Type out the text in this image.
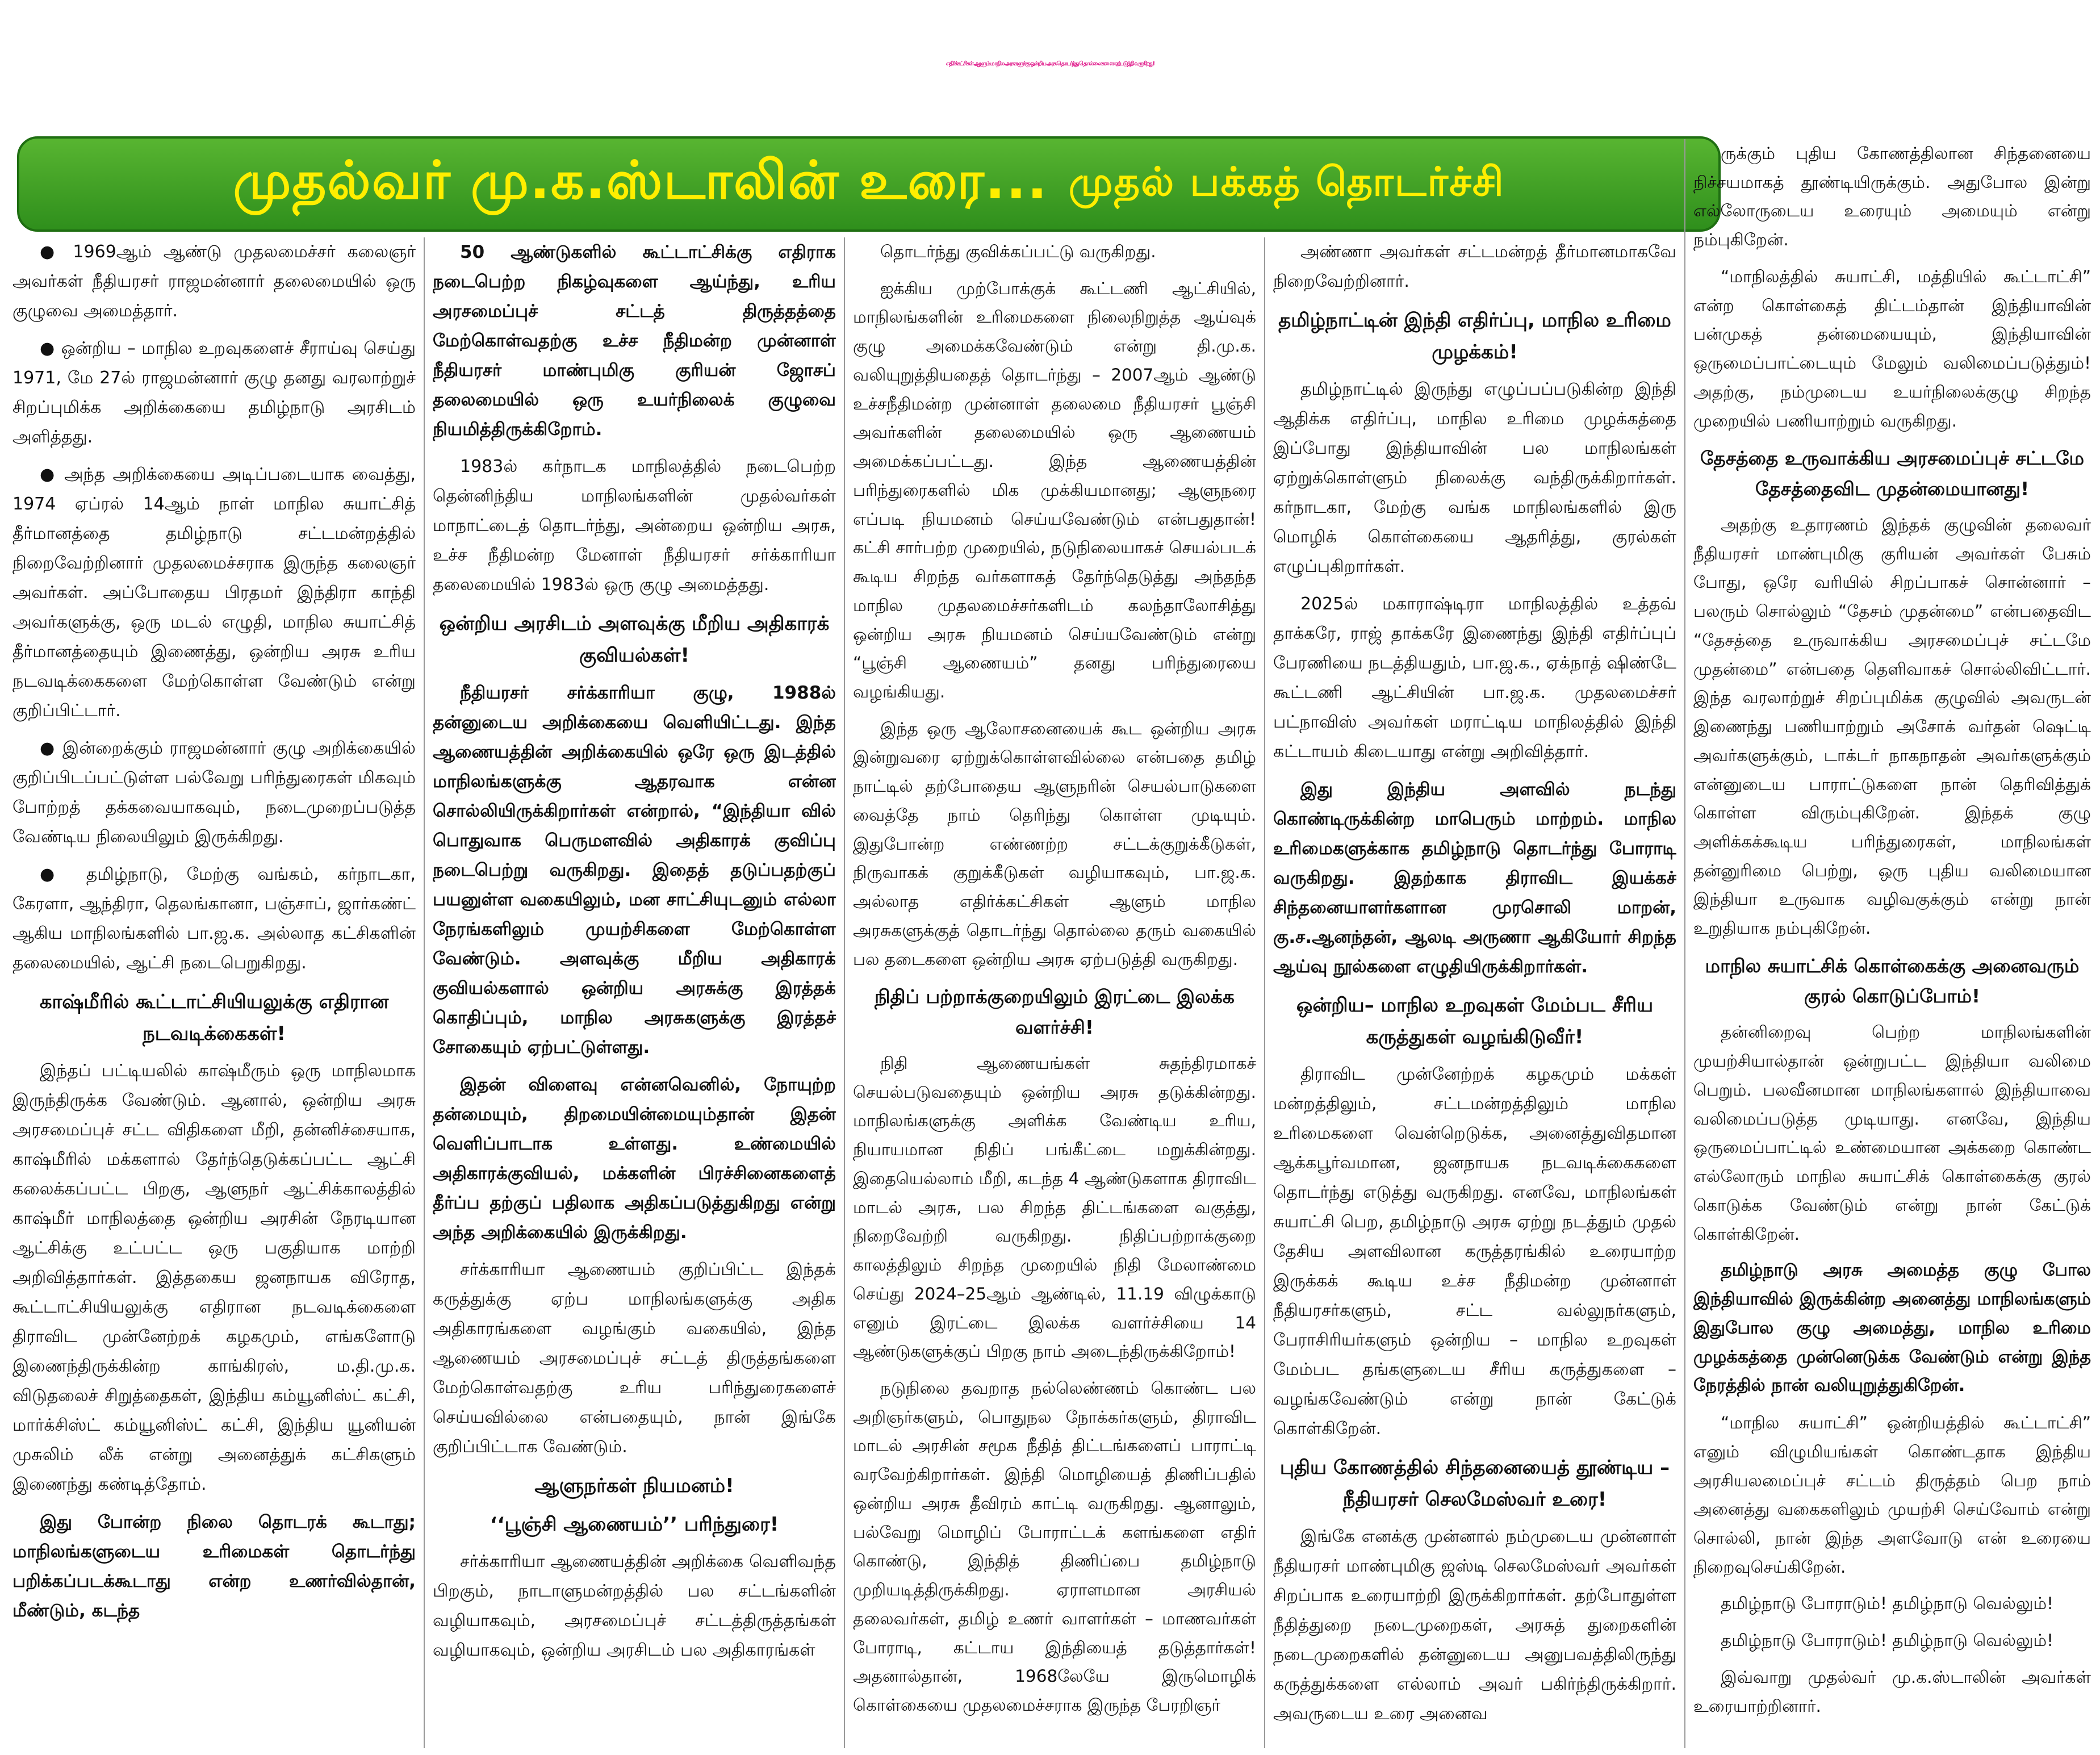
எதிர்க்கட்சிகள் ஆளும் மாநில அரசுகளுக்கு ஒன்றிய அரசு தொடர்ந்து தொல்லைகளை ஏற்படுத்தி வருகிறது!
முதல்வர் மு.க.ஸ்டாலின் உரை... முதல் பக்கத் தொடர்ச்சி

● 1969ஆம் ஆண்டு முதலமைச்சர் கலைஞர் அவர்கள் நீதியரசர் ராஜமன்னார் தலைமையில் ஒரு குழுவை அமைத்தார்.

● ஒன்றிய – மாநில உறவுகளைச் சீராய்வு செய்து 1971, மே 27ல் ராஜமன்னார் குழு தனது வரலாற்றுச் சிறப்புமிக்க அறிக்கையை தமிழ்நாடு அரசிடம் அளித்தது.

● அந்த அறிக்கையை அடிப்படையாக வைத்து, 1974 ஏப்ரல் 14ஆம் நாள் மாநில சுயாட்சித் தீர்மானத்தை தமிழ்நாடு சட்டமன்றத்தில் நிறைவேற்றினார் முதலமைச்சராக இருந்த கலைஞர் அவர்கள். அப்போதைய பிரதமர் இந்திரா காந்தி அவர்களுக்கு, ஒரு மடல் எழுதி, மாநில சுயாட்சித் தீர்மானத்தையும் இணைத்து, ஒன்றிய அரசு உரிய நடவடிக்கைகளை மேற்கொள்ள வேண்டும் என்று குறிப்பிட்டார்.

● இன்றைக்கும் ராஜமன்னார் குழு அறிக்கையில் குறிப்பிடப்பட்டுள்ள பல்வேறு பரிந்துரைகள் மிகவும் போற்றத் தக்கவையாகவும், நடைமுறைப்படுத்த வேண்டிய நிலையிலும் இருக்கிறது.

● தமிழ்நாடு, மேற்கு வங்கம், கர்நாடகா, கேரளா, ஆந்திரா, தெலங்கானா, பஞ்சாப், ஜார்கண்ட் ஆகிய மாநிலங்களில் பா.ஜ.க. அல்லாத கட்சிகளின் தலைமையில், ஆட்சி நடைபெறுகிறது.

காஷ்மீரில் கூட்டாட்சியியலுக்கு எதிரான நடவடிக்கைகள்!

இந்தப் பட்டியலில் காஷ்மீரும் ஒரு மாநிலமாக இருந்திருக்க வேண்டும். ஆனால், ஒன்றிய அரசு அரசமைப்புச் சட்ட விதிகளை மீறி, தன்னிச்சையாக, காஷ்மீரில் மக்களால் தேர்ந்தெடுக்கப்பட்ட ஆட்சி கலைக்கப்பட்ட பிறகு, ஆளுநர் ஆட்சிக்காலத்தில் காஷ்மீர் மாநிலத்தை ஒன்றிய அரசின் நேரடியான ஆட்சிக்கு உட்பட்ட ஒரு பகுதியாக மாற்றி அறிவித்தார்கள். இத்தகைய ஜனநாயக விரோத, கூட்டாட்சியியலுக்கு எதிரான நடவடிக்கைளை திராவிட முன்னேற்றக் கழகமும், எங்களோடு இணைந்திருக்கின்ற காங்கிரஸ், ம.தி.மு.க. விடுதலைச் சிறுத்தைகள், இந்திய கம்யூனிஸ்ட் கட்சி, மார்க்சிஸ்ட் கம்யூனிஸ்ட் கட்சி, இந்திய யூனியன் முசுலிம் லீக் என்று அனைத்துக் கட்சிகளும் இணைந்து கண்டித்தோம்.

இது போன்ற நிலை தொடரக் கூடாது; மாநிலங்களுடைய உரிமைகள் தொடர்ந்து பறிக்கப்படக்கூடாது என்ற உணர்வில்தான், மீண்டும், கடந்த

50 ஆண்டுகளில் கூட்டாட்சிக்கு எதிராக நடைபெற்ற நிகழ்வுகளை ஆய்ந்து, உரிய அரசமைப்புச் சட்டத் திருத்தத்தை மேற்கொள்வதற்கு உச்ச நீதிமன்ற முன்னாள் நீதியரசர் மாண்புமிகு குரியன் ஜோசப் தலைமையில் ஒரு உயர்நிலைக் குழுவை நியமித்திருக்கிறோம்.

1983ல் கர்நாடக மாநிலத்தில் நடைபெற்ற தென்னிந்திய மாநிலங்களின் முதல்வர்கள் மாநாட்டைத் தொடர்ந்து, அன்றைய ஒன்றிய அரசு, உச்ச நீதிமன்ற மேனாள் நீதியரசர் சர்க்காரியா தலைமையில் 1983ல் ஒரு குழு அமைத்தது.

ஒன்றிய அரசிடம் அளவுக்கு மீறிய அதிகாரக் குவியல்கள்!

நீதியரசர் சர்க்காரியா குழு, 1988ல் தன்னுடைய அறிக்கையை வெளியிட்டது. இந்த ஆணையத்தின் அறிக்கையில் ஒரே ஒரு இடத்தில் மாநிலங்களுக்கு ஆதரவாக என்ன சொல்லியிருக்கிறார்கள் என்றால், “இந்தியா வில் பொதுவாக பெருமளவில் அதிகாரக் குவிப்பு நடைபெற்று வருகிறது. இதைத் தடுப்பதற்குப் பயனுள்ள வகையிலும், மன சாட்சியுடனும் எல்லா நேரங்களிலும் முயற்சிகளை மேற்கொள்ள வேண்டும். அளவுக்கு மீறிய அதிகாரக் குவியல்களால் ஒன்றிய அரசுக்கு இரத்தக் கொதிப்பும், மாநில அரசுகளுக்கு இரத்தச் சோகையும் ஏற்பட்டுள்ளது.

இதன் விளைவு என்னவெனில், நோயுற்ற தன்மையும், திறமையின்மையும்தான் இதன் வெளிப்பாடாக உள்ளது. உண்மையில் அதிகாரக்குவியல், மக்களின் பிரச்சினைகளைத் தீர்ப்ப தற்குப் பதிலாக அதிகப்படுத்துகிறது என்று அந்த அறிக்கையில் இருக்கிறது.

சர்க்காரியா ஆணையம் குறிப்பிட்ட இந்தக் கருத்துக்கு ஏற்ப மாநிலங்களுக்கு அதிக அதிகாரங்களை வழங்கும் வகையில், இந்த ஆணையம் அரசமைப்புச் சட்டத் திருத்தங்களை மேற்கொள்வதற்கு உரிய பரிந்துரைகளைச் செய்யவில்லை என்பதையும், நான் இங்கே குறிப்பிட்டாக வேண்டும்.

ஆளுநர்கள் நியமனம்!
‘‘பூஞ்சி ஆணையம்’’ பரிந்துரை!

சர்க்காரியா ஆணையத்தின் அறிக்கை வெளிவந்த பிறகும், நாடாளுமன்றத்தில் பல சட்டங்களின் வழியாகவும், அரசமைப்புச் சட்டத்திருத்தங்கள் வழியாகவும், ஒன்றிய அரசிடம் பல அதிகாரங்கள்

தொடர்ந்து குவிக்கப்பட்டு வருகிறது.

ஐக்கிய முற்போக்குக் கூட்டணி ஆட்சியில், மாநிலங்களின் உரிமைகளை நிலைநிறுத்த ஆய்வுக் குழு அமைக்கவேண்டும் என்று தி.மு.க. வலியுறுத்தியதைத் தொடர்ந்து – 2007ஆம் ஆண்டு உச்சநீதிமன்ற முன்னாள் தலைமை நீதியரசர் பூஞ்சி அவர்களின் தலைமையில் ஒரு ஆணையம் அமைக்கப்பட்டது. இந்த ஆணையத்தின் பரிந்துரைகளில் மிக முக்கியமானது; ஆளுநரை எப்படி நியமனம் செய்யவேண்டும் என்பதுதான்! கட்சி சார்பற்ற முறையில், நடுநிலையாகச் செயல்படக் கூடிய சிறந்த வர்களாகத் தேர்ந்தெடுத்து அந்தந்த மாநில முதலமைச்சர்களிடம் கலந்தாலோசித்து ஒன்றிய அரசு நியமனம் செய்யவேண்டும் என்று “பூஞ்சி ஆணையம்” தனது பரிந்துரையை வழங்கியது.

இந்த ஒரு ஆலோசனையைக் கூட ஒன்றிய அரசு இன்றுவரை ஏற்றுக்கொள்ளவில்லை என்பதை தமிழ் நாட்டில் தற்போதைய ஆளுநரின் செயல்பாடுகளை வைத்தே நாம் தெரிந்து கொள்ள முடியும். இதுபோன்ற எண்ணற்ற சட்டக்குறுக்கீடுகள், நிருவாகக் குறுக்கீடுகள் வழியாகவும், பா.ஜ.க. அல்லாத எதிர்க்கட்சிகள் ஆளும் மாநில அரசுகளுக்குத் தொடர்ந்து தொல்லை தரும் வகையில் பல தடைகளை ஒன்றிய அரசு ஏற்படுத்தி வருகிறது.

நிதிப் பற்றாக்குறையிலும் இரட்டை இலக்க வளர்ச்சி!

நிதி ஆணையங்கள் சுதந்திரமாகச் செயல்படுவதையும் ஒன்றிய அரசு தடுக்கின்றது. மாநிலங்களுக்கு அளிக்க வேண்டிய உரிய, நியாயமான நிதிப் பங்கீட்டை மறுக்கின்றது. இதையெல்லாம் மீறி, கடந்த 4 ஆண்டுகளாக திராவிட மாடல் அரசு, பல சிறந்த திட்டங்களை வகுத்து, நிறைவேற்றி வருகிறது. நிதிப்பற்றாக்குறை காலத்திலும் சிறந்த முறையில் நிதி மேலாண்மை செய்து 2024–25ஆம் ஆண்டில், 11.19 விழுக்காடு எனும் இரட்டை இலக்க வளர்ச்சியை 14 ஆண்டுகளுக்குப் பிறகு நாம் அடைந்திருக்கிறோம்!

நடுநிலை தவறாத நல்லெண்ணம் கொண்ட பல அறிஞர்களும், பொதுநல நோக்கர்களும், திராவிட மாடல் அரசின் சமூக நீதித் திட்டங்களைப் பாராட்டி வரவேற்கிறார்கள். இந்தி மொழியைத் திணிப்பதில் ஒன்றிய அரசு தீவிரம் காட்டி வருகிறது. ஆனாலும், பல்வேறு மொழிப் போராட்டக் களங்களை எதிர் கொண்டு, இந்தித் திணிப்பை தமிழ்நாடு முறியடித்திருக்கிறது. ஏராளமான அரசியல் தலைவர்கள், தமிழ் உணர் வாளர்கள் – மாணவர்கள் போராடி, கட்டாய இந்தியைத் தடுத்தார்கள்! அதனால்தான், 1968லேயே இருமொழிக் கொள்கையை முதலமைச்சராக இருந்த பேரறிஞர்

அண்ணா அவர்கள் சட்டமன்றத் தீர்மானமாகவே நிறைவேற்றினார்.

தமிழ்நாட்டின் இந்தி எதிர்ப்பு, மாநில உரிமை முழக்கம்!

தமிழ்நாட்டில் இருந்து எழுப்பப்படுகின்ற இந்தி ஆதிக்க எதிர்ப்பு, மாநில உரிமை முழக்கத்தை இப்போது இந்தியாவின் பல மாநிலங்கள் ஏற்றுக்கொள்ளும் நிலைக்கு வந்திருக்கிறார்கள். கர்நாடகா, மேற்கு வங்க மாநிலங்களில் இரு மொழிக் கொள்கையை ஆதரித்து, குரல்கள் எழுப்புகிறார்கள்.

2025ல் மகாராஷ்டிரா மாநிலத்தில் உத்தவ் தாக்கரே, ராஜ் தாக்கரே இணைந்து இந்தி எதிர்ப்புப் பேரணியை நடத்தியதும், பா.ஜ.க., ஏக்நாத் ஷிண்டே கூட்டணி ஆட்சியின் பா.ஜ.க. முதலமைச்சர் பட்நாவிஸ் அவர்கள் மராட்டிய மாநிலத்தில் இந்தி கட்டாயம் கிடையாது என்று அறிவித்தார்.

இது இந்திய அளவில் நடந்து கொண்டிருக்கின்ற மாபெரும் மாற்றம். மாநில உரிமைகளுக்காக தமிழ்நாடு தொடர்ந்து போராடி வருகிறது. இதற்காக திராவிட இயக்கச் சிந்தனையாளர்களான முரசொலி மாறன், கு.ச.ஆனந்தன், ஆலடி அருணா ஆகியோர் சிறந்த ஆய்வு நூல்களை எழுதியிருக்கிறார்கள்.

ஒன்றிய– மாநில உறவுகள் மேம்பட சீரிய கருத்துகள் வழங்கிடுவீர்!

திராவிட முன்னேற்றக் கழகமும் மக்கள் மன்றத்திலும், சட்டமன்றத்திலும் மாநில உரிமைகளை வென்றெடுக்க, அனைத்துவிதமான ஆக்கபூர்வமான, ஜனநாயக நடவடிக்கைகளை தொடர்ந்து எடுத்து வருகிறது. எனவே, மாநிலங்கள் சுயாட்சி பெற, தமிழ்நாடு அரசு ஏற்று நடத்தும் முதல் தேசிய அளவிலான கருத்தரங்கில் உரையாற்ற இருக்கக் கூடிய உச்ச நீதிமன்ற முன்னாள் நீதியரசர்களும், சட்ட வல்லுநர்களும், பேராசிரியர்களும் ஒன்றிய – மாநில உறவுகள் மேம்பட தங்களுடைய சீரிய கருத்துகளை – வழங்கவேண்டும் என்று நான் கேட்டுக் கொள்கிறேன்.

புதிய கோணத்தில் சிந்தனையைத் தூண்டிய – நீதியரசர் செலமேஸ்வர் உரை!

இங்கே எனக்கு முன்னால் நம்முடைய முன்னாள் நீதியரசர் மாண்புமிகு ஜஸ்டி செலமேஸ்வர் அவர்கள் சிறப்பாக உரையாற்றி இருக்கிறார்கள். தற்போதுள்ள நீதித்துறை நடைமுறைகள், அரசுத் துறைகளின் நடைமுறைகளில் தன்னுடைய அனுபவத்திலிருந்து கருத்துக்களை எல்லாம் அவர் பகிர்ந்திருக்கிறார். அவருடைய உரை அனைவ

ருக்கும் புதிய கோணத்திலான சிந்தனையை நிச்சயமாகத் தூண்டியிருக்கும். அதுபோல இன்று எல்லோருடைய உரையும் அமையும் என்று நம்புகிறேன்.

“மாநிலத்தில் சுயாட்சி, மத்தியில் கூட்டாட்சி” என்ற கொள்கைத் திட்டம்தான் இந்தியாவின் பன்முகத் தன்மையையும், இந்தியாவின் ஒருமைப்பாட்டையும் மேலும் வலிமைப்படுத்தும்! அதற்கு, நம்முடைய உயர்நிலைக்குழு சிறந்த முறையில் பணியாற்றும் வருகிறது.

தேசத்தை உருவாக்கிய அரசமைப்புச் சட்டமே தேசத்தைவிட முதன்மையானது!

அதற்கு உதாரணம் இந்தக் குழுவின் தலைவர் நீதியரசர் மாண்புமிகு குரியன் அவர்கள் பேசும் போது, ஒரே வரியில் சிறப்பாகச் சொன்னார் – பலரும் சொல்லும் “தேசம் முதன்மை” என்பதைவிட “தேசத்தை உருவாக்கிய அரசமைப்புச் சட்டமே முதன்மை” என்பதை தெளிவாகச் சொல்லிவிட்டார். இந்த வரலாற்றுச் சிறப்புமிக்க குழுவில் அவருடன் இணைந்து பணியாற்றும் அசோக் வர்தன் ஷெட்டி அவர்களுக்கும், டாக்டர் நாகநாதன் அவர்களுக்கும் என்னுடைய பாராட்டுகளை நான் தெரிவித்துக் கொள்ள விரும்புகிறேன். இந்தக் குழு அளிக்கக்கூடிய பரிந்துரைகள், மாநிலங்கள் தன்னுரிமை பெற்று, ஒரு புதிய வலிமையான இந்தியா உருவாக வழிவகுக்கும் என்று நான் உறுதியாக நம்புகிறேன்.

மாநில சுயாட்சிக் கொள்கைக்கு அனைவரும் குரல் கொடுப்போம்!

தன்னிறைவு பெற்ற மாநிலங்களின் முயற்சியால்தான் ஒன்றுபட்ட இந்தியா வலிமை பெறும். பலவீனமான மாநிலங்களால் இந்தியாவை வலிமைப்படுத்த முடியாது. எனவே, இந்திய ஒருமைப்பாட்டில் உண்மையான அக்கறை கொண்ட எல்லோரும் மாநில சுயாட்சிக் கொள்கைக்கு குரல் கொடுக்க வேண்டும் என்று நான் கேட்டுக் கொள்கிறேன்.

தமிழ்நாடு அரசு அமைத்த குழு போல இந்தியாவில் இருக்கின்ற அனைத்து மாநிலங்களும் இதுபோல குழு அமைத்து, மாநில உரிமை முழக்கத்தை முன்னெடுக்க வேண்டும் என்று இந்த நேரத்தில் நான் வலியுறுத்துகிறேன்.

“மாநில சுயாட்சி” ஒன்றியத்தில் கூட்டாட்சி” எனும் விழுமியங்கள் கொண்டதாக இந்திய அரசியலமைப்புச் சட்டம் திருத்தம் பெற நாம் அனைத்து வகைகளிலும் முயற்சி செய்வோம் என்று சொல்லி, நான் இந்த அளவோடு என் உரையை நிறைவுசெய்கிறேன்.

தமிழ்நாடு போராடும்! தமிழ்நாடு வெல்லும்!

தமிழ்நாடு போராடும்! தமிழ்நாடு வெல்லும்!

இவ்வாறு முதல்வர் மு.க.ஸ்டாலின் அவர்கள் உரையாற்றினார்.
